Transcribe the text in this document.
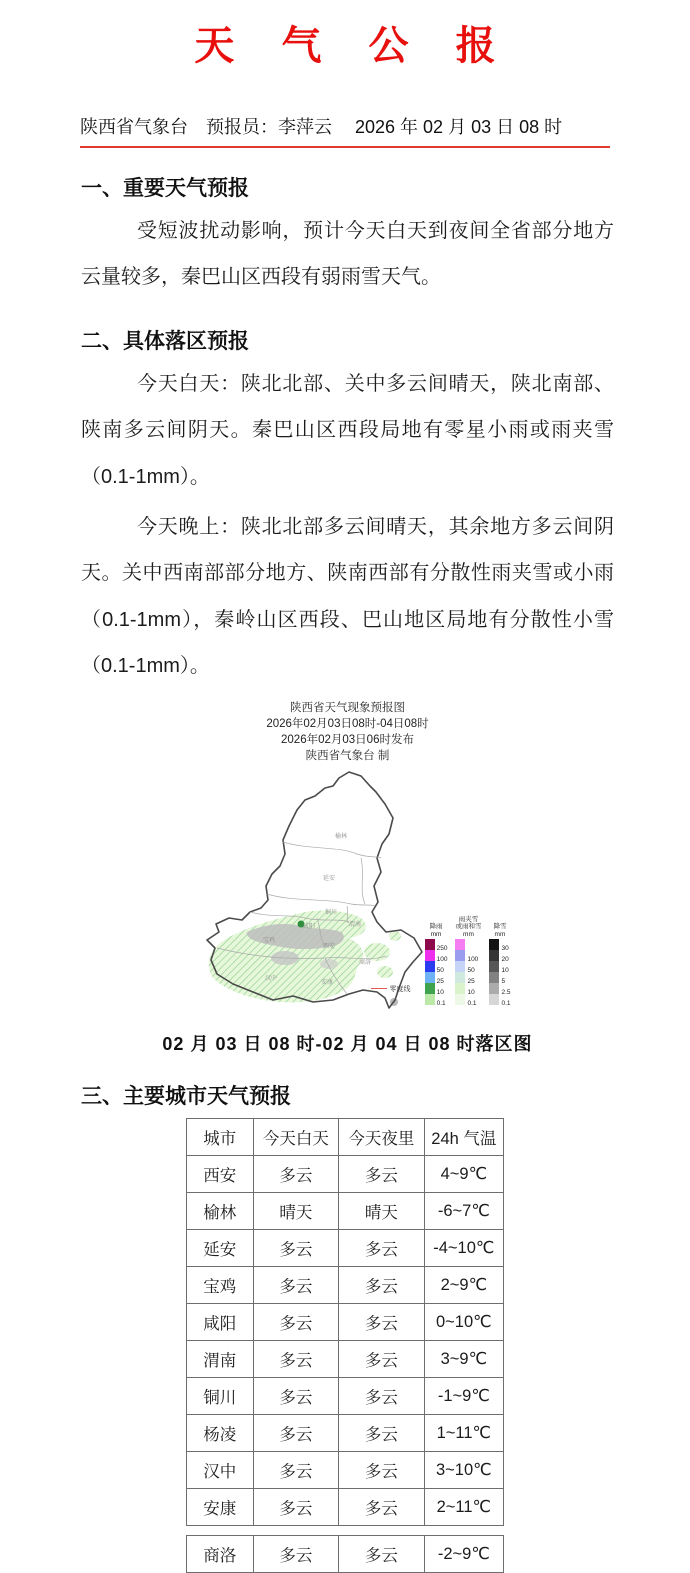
天 气 公 报
陕西省气象台　预报员：李萍云　 2026 年 02 月 03 日 08 时
一、重要天气预报

受短波扰动影响，预计今天白天到夜间全省部分地方云量较多，秦巴山区西段有弱雨雪天气。

二、具体落区预报

今天白天：陕北北部、关中多云间晴天，陕北南部、陕南多云间阴天。秦巴山区西段局地有零星小雨或雨夹雪（0.1-1mm）。

今天晚上：陕北北部多云间晴天，其余地方多云间阴天。关中西南部部分地方、陕南西部有分散性雨夹雪或小雨（0.1-1mm），秦岭山区西段、巴山地区局地有分散性小雪（0.1-1mm）。

陕西省天气现象预报图
2026年02月03日08时-04日08时
2026年02月03日06时发布
陕西省气象台 制
榆林
延安
铜川
咸阳	渭南
西安
宝鸡
商洛
汉中
安康
降雨
mm
250
100
50
25
10
0.1
雨夹雪
或雨和雪
mm
100
50
25
10
0.1
降雪
mm
30
20
10
5
2.5
0.1
零度线
02 月 03 日 08 时-02 月 04 日 08 时落区图
三、主要城市天气预报
城市	今天白天	今天夜里	24h 气温
西安	多云	多云	4~9℃
榆林	晴天	晴天	-6~7℃
延安	多云	多云	-4~10℃
宝鸡	多云	多云	2~9℃
咸阳	多云	多云	0~10℃
渭南	多云	多云	3~9℃
铜川	多云	多云	-1~9℃
杨凌	多云	多云	1~11℃
汉中	多云	多云	3~10℃
安康	多云	多云	2~11℃
商洛	多云	多云	-2~9℃
